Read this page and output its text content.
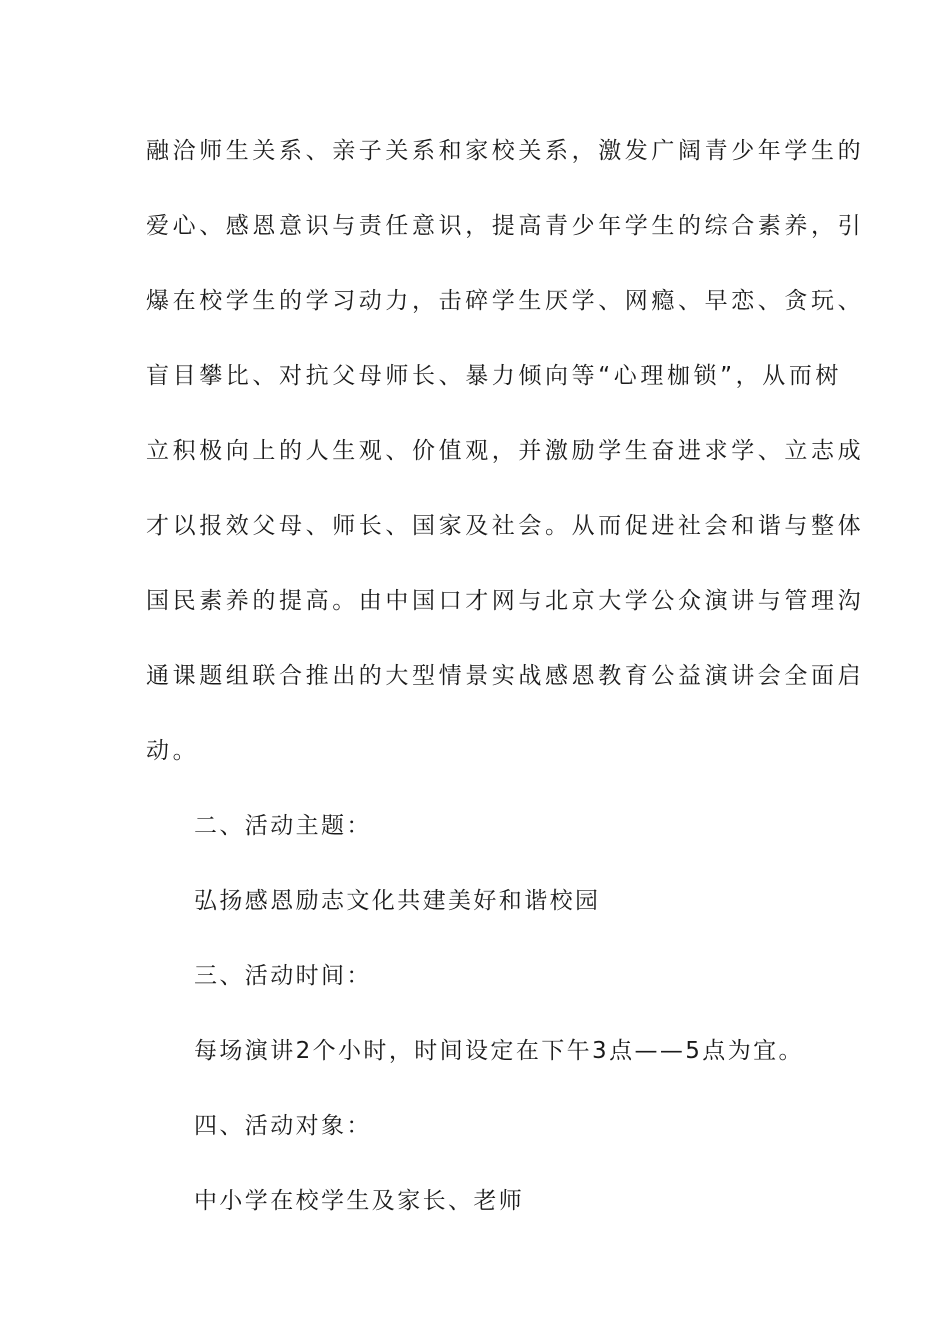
融洽师生关系、亲子关系和家校关系，激发广阔青少年学生的
爱心、感恩意识与责任意识，提高青少年学生的综合素养，引
爆在校学生的学习动力，击碎学生厌学、网瘾、早恋、贪玩、
盲目攀比、对抗父母师长、暴力倾向等“心理枷锁”，从而树
立积极向上的人生观、价值观，并激励学生奋进求学、立志成
才以报效父母、师长、国家及社会。从而促进社会和谐与整体
国民素养的提高。由中国口才网与北京大学公众演讲与管理沟
通课题组联合推出的大型情景实战感恩教育公益演讲会全面启
动。
二、活动主题：
弘扬感恩励志文化共建美好和谐校园
三、活动时间：
每场演讲2个小时，时间设定在下午3点——5点为宜。
四、活动对象：
中小学在校学生及家长、老师
